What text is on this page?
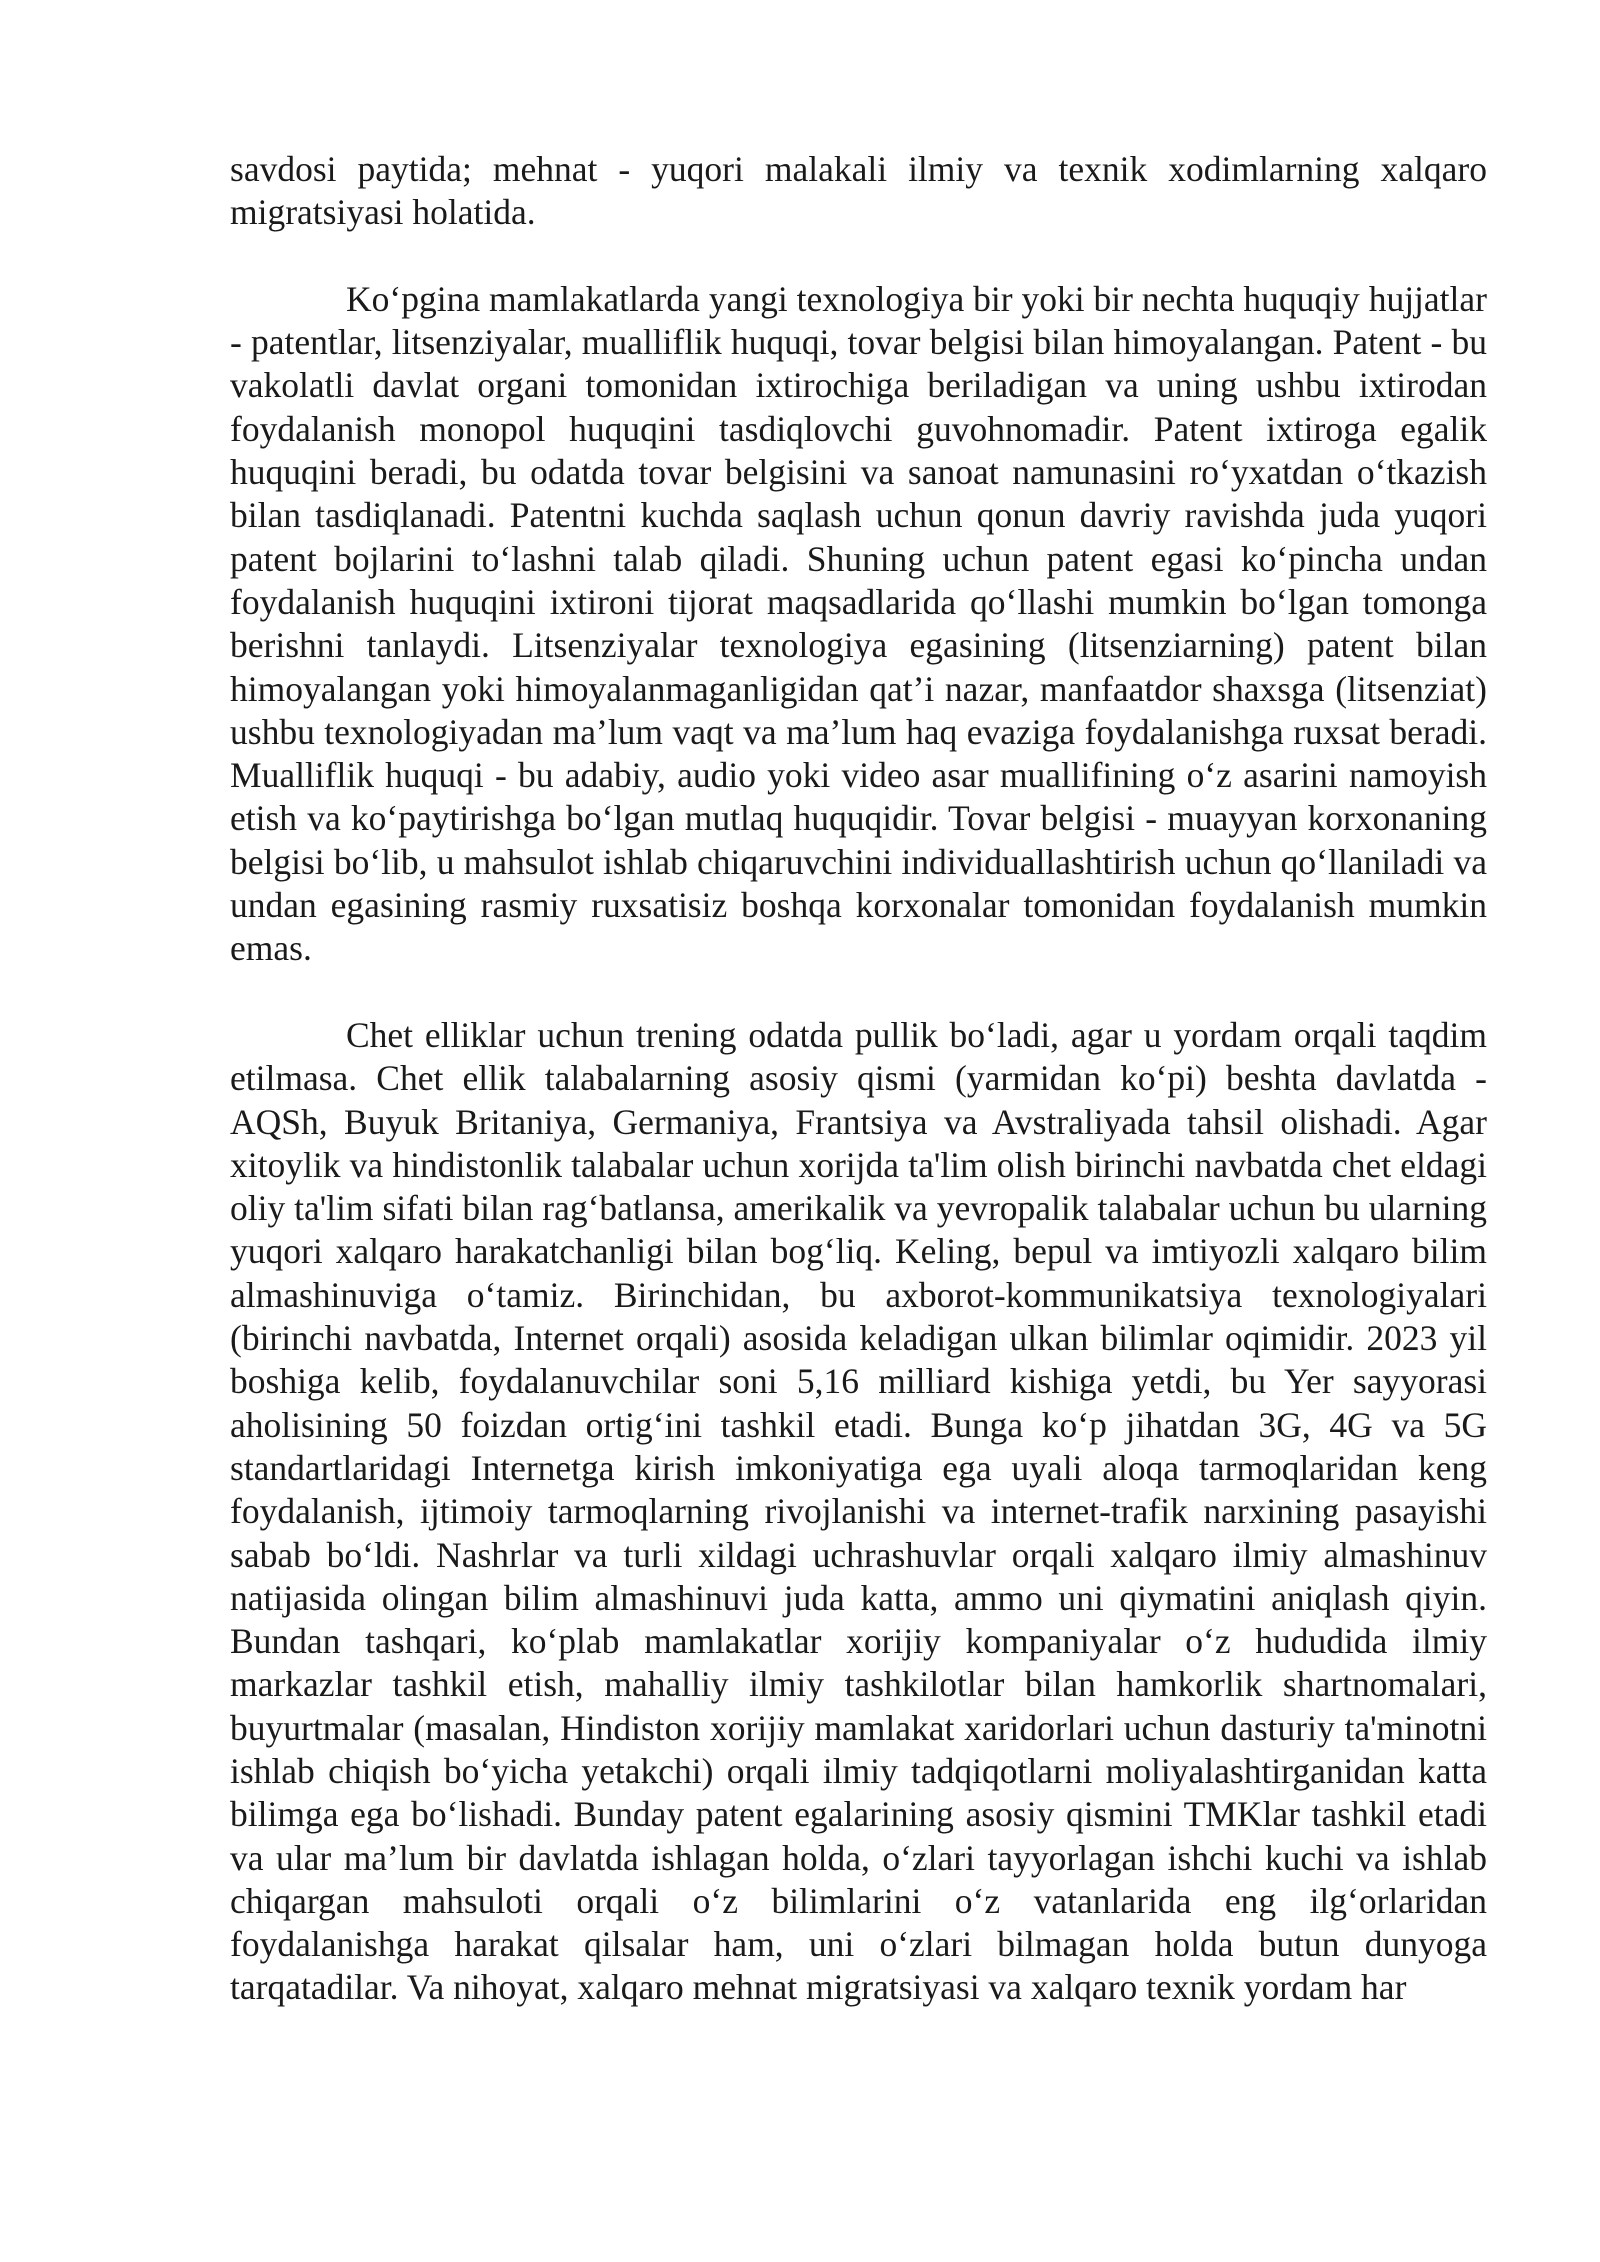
savdosi paytida; mehnat - yuqori malakali ilmiy va texnik xodimlarning xalqaro migratsiyasi holatida.

Ko‘pgina mamlakatlarda yangi texnologiya bir yoki bir nechta huquqiy hujjatlar - patentlar, litsenziyalar, mualliflik huquqi, tovar belgisi bilan himoyalangan. Patent - bu vakolatli davlat organi tomonidan ixtirochiga beriladigan va uning ushbu ixtirodan foydalanish monopol huquqini tasdiqlovchi guvohnomadir. Patent ixtiroga egalik huquqini beradi, bu odatda tovar belgisini va sanoat namunasini ro‘yxatdan o‘tkazish bilan tasdiqlanadi. Patentni kuchda saqlash uchun qonun davriy ravishda juda yuqori patent bojlarini to‘lashni talab qiladi. Shuning uchun patent egasi ko‘pincha undan foydalanish huquqini ixtironi tijorat maqsadlarida qo‘llashi mumkin bo‘lgan tomonga berishni tanlaydi. Litsenziyalar texnologiya egasining (litsenziarning) patent bilan himoyalangan yoki himoyalanmaganligidan qat’i nazar, manfaatdor shaxsga (litsenziat) ushbu texnologiyadan ma’lum vaqt va ma’lum haq evaziga foydalanishga ruxsat beradi. Mualliflik huquqi - bu adabiy, audio yoki video asar muallifining o‘z asarini namoyish etish va ko‘paytirishga bo‘lgan mutlaq huquqidir. Tovar belgisi - muayyan korxonaning belgisi bo‘lib, u mahsulot ishlab chiqaruvchini individuallashtirish uchun qo‘llaniladi va undan egasining rasmiy ruxsatisiz boshqa korxonalar tomonidan foydalanish mumkin emas.

Chet elliklar uchun trening odatda pullik bo‘ladi, agar u yordam orqali taqdim etilmasa. Chet ellik talabalarning asosiy qismi (yarmidan ko‘pi) beshta davlatda - AQSh, Buyuk Britaniya, Germaniya, Frantsiya va Avstraliyada tahsil olishadi. Agar xitoylik va hindistonlik talabalar uchun xorijda ta'lim olish birinchi navbatda chet eldagi oliy ta'lim sifati bilan rag‘batlansa, amerikalik va yevropalik talabalar uchun bu ularning yuqori xalqaro harakatchanligi bilan bog‘liq. Keling, bepul va imtiyozli xalqaro bilim almashinuviga o‘tamiz. Birinchidan, bu axborot-kommunikatsiya texnologiyalari (birinchi navbatda, Internet orqali) asosida keladigan ulkan bilimlar oqimidir. 2023 yil boshiga kelib, foydalanuvchilar soni 5,16 milliard kishiga yetdi, bu Yer sayyorasi aholisining 50 foizdan ortig‘ini tashkil etadi. Bunga ko‘p jihatdan 3G, 4G va 5G standartlaridagi Internetga kirish imkoniyatiga ega uyali aloqa tarmoqlaridan keng foydalanish, ijtimoiy tarmoqlarning rivojlanishi va internet-trafik narxining pasayishi sabab bo‘ldi. Nashrlar va turli xildagi uchrashuvlar orqali xalqaro ilmiy almashinuv natijasida olingan bilim almashinuvi juda katta, ammo uni qiymatini aniqlash qiyin. Bundan tashqari, ko‘plab mamlakatlar xorijiy kompaniyalar o‘z hududida ilmiy markazlar tashkil etish, mahalliy ilmiy tashkilotlar bilan hamkorlik shartnomalari, buyurtmalar (masalan, Hindiston xorijiy mamlakat xaridorlari uchun dasturiy ta'minotni ishlab chiqish bo‘yicha yetakchi) orqali ilmiy tadqiqotlarni moliyalashtirganidan katta bilimga ega bo‘lishadi. Bunday patent egalarining asosiy qismini TMKlar tashkil etadi va ular ma’lum bir davlatda ishlagan holda, o‘zlari tayyorlagan ishchi kuchi va ishlab chiqargan mahsuloti orqali o‘z bilimlarini o‘z vatanlarida eng ilg‘orlaridan foydalanishga harakat qilsalar ham, uni o‘zlari bilmagan holda butun dunyoga tarqatadilar. Va nihoyat, xalqaro mehnat migratsiyasi va xalqaro texnik yordam har
